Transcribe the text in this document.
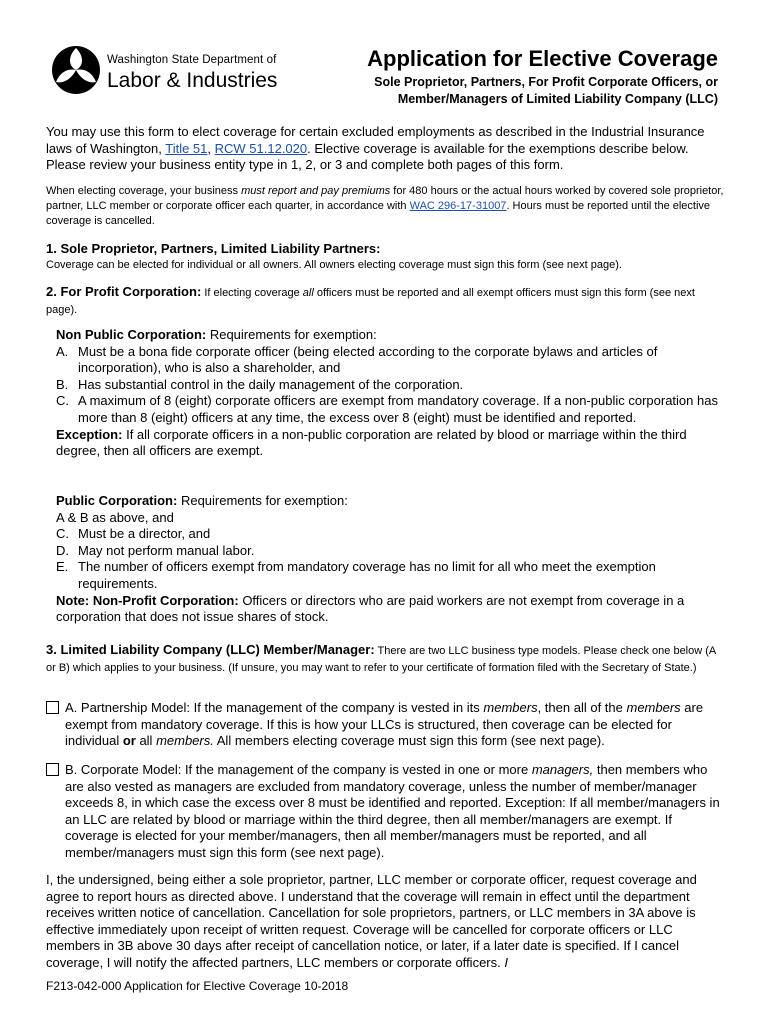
Washington State Department of
Labor & Industries
Application for Elective Coverage
Sole Proprietor, Partners, For Profit Corporate Officers, or
Member/Managers of Limited Liability Company (LLC)
You may use this form to elect coverage for certain excluded employments as described in the Industrial Insurance laws of Washington, Title 51, RCW 51.12.020. Elective coverage is available for the exemptions describe below. Please review your business entity type in 1, 2, or 3 and complete both pages of this form.
When electing coverage, your business must report and pay premiums for 480 hours or the actual hours worked by covered sole proprietor, partner, LLC member or corporate officer each quarter, in accordance with WAC 296-17-31007. Hours must be reported until the elective coverage is cancelled.
1. Sole Proprietor, Partners, Limited Liability Partners:
Coverage can be elected for individual or all owners. All owners electing coverage must sign this form (see next page).
2. For Profit Corporation: If electing coverage all officers must be reported and all exempt officers must sign this form (see next page).
Non Public Corporation: Requirements for exemption:
A. Must be a bona fide corporate officer (being elected according to the corporate bylaws and articles of incorporation), who is also a shareholder, and
B. Has substantial control in the daily management of the corporation.
C. A maximum of 8 (eight) corporate officers are exempt from mandatory coverage. If a non-public corporation has more than 8 (eight) officers at any time, the excess over 8 (eight) must be identified and reported.
Exception: If all corporate officers in a non-public corporation are related by blood or marriage within the third degree, then all officers are exempt.
Public Corporation: Requirements for exemption:
A & B as above, and
C. Must be a director, and
D. May not perform manual labor.
E. The number of officers exempt from mandatory coverage has no limit for all who meet the exemption requirements.
Note: Non-Profit Corporation: Officers or directors who are paid workers are not exempt from coverage in a corporation that does not issue shares of stock.
3. Limited Liability Company (LLC) Member/Manager: There are two LLC business type models. Please check one below (A or B) which applies to your business. (If unsure, you may want to refer to your certificate of formation filed with the Secretary of State.)
A. Partnership Model: If the management of the company is vested in its members, then all of the members are exempt from mandatory coverage. If this is how your LLCs is structured, then coverage can be elected for individual or all members. All members electing coverage must sign this form (see next page).
B. Corporate Model: If the management of the company is vested in one or more managers, then members who are also vested as managers are excluded from mandatory coverage, unless the number of member/manager exceeds 8, in which case the excess over 8 must be identified and reported. Exception: If all member/managers in an LLC are related by blood or marriage within the third degree, then all member/managers are exempt. If coverage is elected for your member/managers, then all member/managers must be reported, and all member/managers must sign this form (see next page).
I, the undersigned, being either a sole proprietor, partner, LLC member or corporate officer, request coverage and agree to report hours as directed above. I understand that the coverage will remain in effect until the department receives written notice of cancellation. Cancellation for sole proprietors, partners, or LLC members in 3A above is effective immediately upon receipt of written request. Coverage will be cancelled for corporate officers or LLC members in 3B above 30 days after receipt of cancellation notice, or later, if a later date is specified. If I cancel coverage, I will notify the affected partners, LLC members or corporate officers. I
F213-042-000 Application for Elective Coverage 10-2018
